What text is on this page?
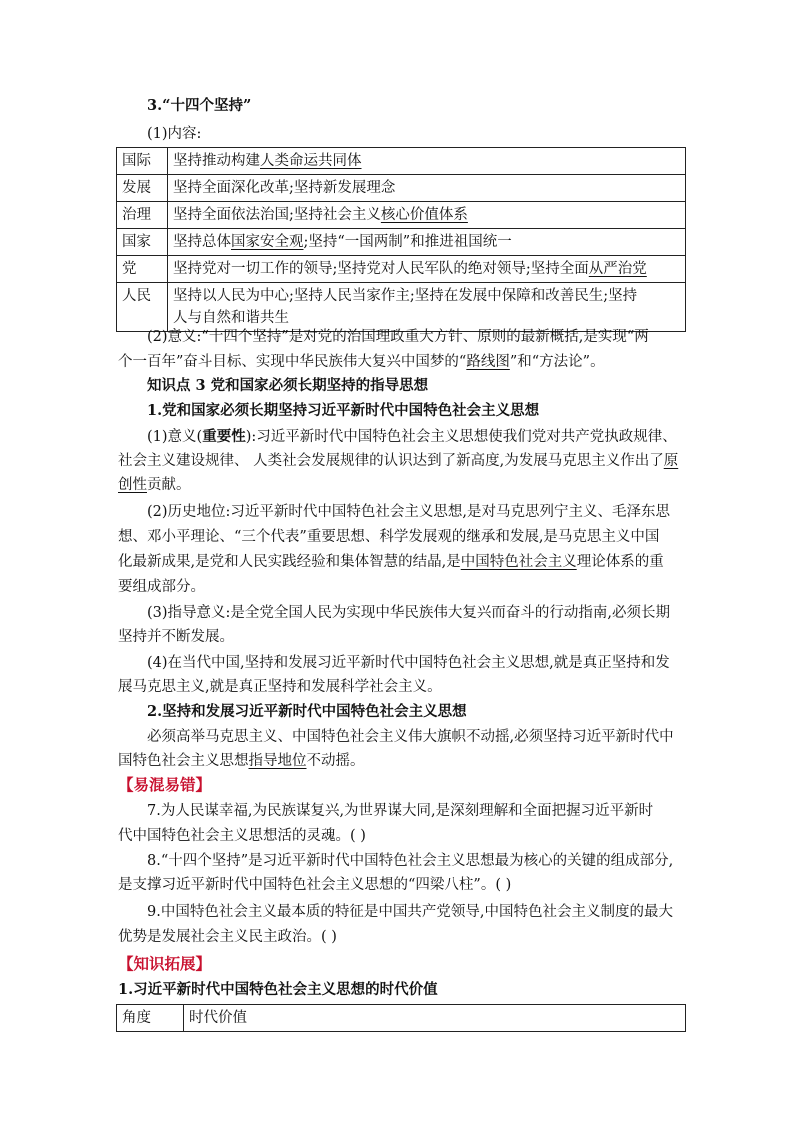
3.“十四个坚持”
(1)内容:
国际	坚持推动构建人类命运共同体
发展	坚持全面深化改革;坚持新发展理念
治理	坚持全面依法治国;坚持社会主义核心价值体系
国家	坚持总体国家安全观;坚持“一国两制”和推进祖国统一
党	坚持党对一切工作的领导;坚持党对人民军队的绝对领导;坚持全面从严治党
人民	坚持以人民为中心;坚持人民当家作主;坚持在发展中保障和改善民生;坚持
人与自然和谐共生
(2)意义:“十四个坚持”是对党的治国理政重大方针、原则的最新概括,是实现“两
个一百年”奋斗目标、实现中华民族伟大复兴中国梦的“路线图”和“方法论”。
知识点 3 党和国家必须长期坚持的指导思想
1.党和国家必须长期坚持习近平新时代中国特色社会主义思想
(1)意义(重要性):习近平新时代中国特色社会主义思想使我们党对共产党执政规律、
社会主义建设规律、 人类社会发展规律的认识达到了新高度,为发展马克思主义作出了原
创性贡献。
(2)历史地位:习近平新时代中国特色社会主义思想,是对马克思列宁主义、毛泽东思
想、邓小平理论、“三个代表”重要思想、科学发展观的继承和发展,是马克思主义中国
化最新成果,是党和人民实践经验和集体智慧的结晶,是中国特色社会主义理论体系的重
要组成部分。
(3)指导意义:是全党全国人民为实现中华民族伟大复兴而奋斗的行动指南,必须长期
坚持并不断发展。
(4)在当代中国,坚持和发展习近平新时代中国特色社会主义思想,就是真正坚持和发
展马克思主义,就是真正坚持和发展科学社会主义。
2.坚持和发展习近平新时代中国特色社会主义思想
必须高举马克思主义、中国特色社会主义伟大旗帜不动摇,必须坚持习近平新时代中
国特色社会主义思想指导地位不动摇。
【易混易错】
7.为人民谋幸福,为民族谋复兴,为世界谋大同,是深刻理解和全面把握习近平新时
代中国特色社会主义思想活的灵魂。( )
8.“十四个坚持”是习近平新时代中国特色社会主义思想最为核心的关键的组成部分,
是支撑习近平新时代中国特色社会主义思想的“四梁八柱”。( )
9.中国特色社会主义最本质的特征是中国共产党领导,中国特色社会主义制度的最大
优势是发展社会主义民主政治。( )
【知识拓展】
1.习近平新时代中国特色社会主义思想的时代价值
角度	时代价值
